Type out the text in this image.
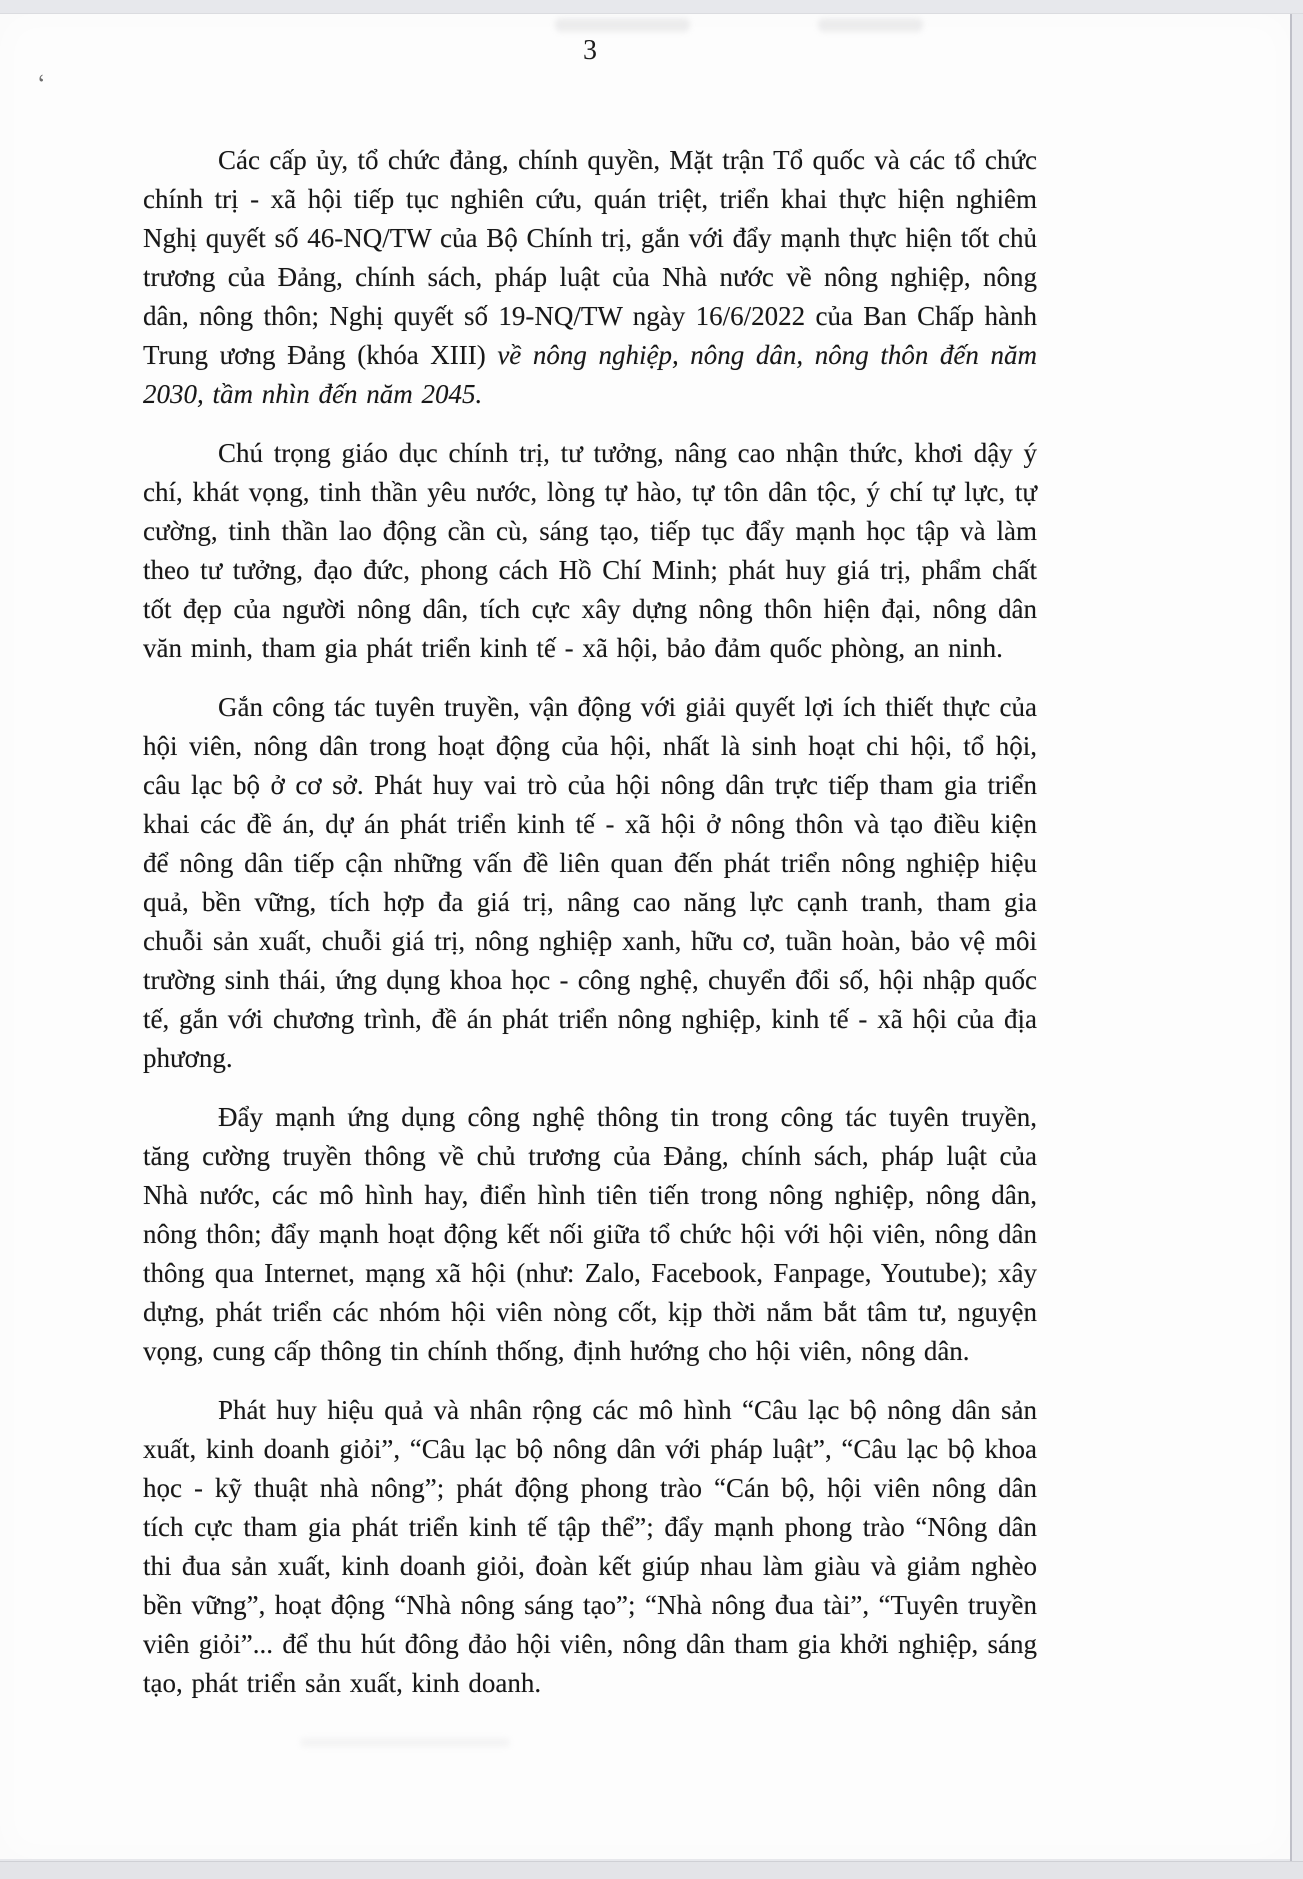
3
‘

Các cấp ủy, tổ chức đảng, chính quyền, Mặt trận Tổ quốc và các tổ chức chính trị - xã hội tiếp tục nghiên cứu, quán triệt, triển khai thực hiện nghiêm Nghị quyết số 46-NQ/TW của Bộ Chính trị, gắn với đẩy mạnh thực hiện tốt chủ trương của Đảng, chính sách, pháp luật của Nhà nước về nông nghiệp, nông dân, nông thôn; Nghị quyết số 19-NQ/TW ngày 16/6/2022 của Ban Chấp hành Trung ương Đảng (khóa XIII) về nông nghiệp, nông dân, nông thôn đến năm 2030, tầm nhìn đến năm 2045.

Chú trọng giáo dục chính trị, tư tưởng, nâng cao nhận thức, khơi dậy ý chí, khát vọng, tinh thần yêu nước, lòng tự hào, tự tôn dân tộc, ý chí tự lực, tự cường, tinh thần lao động cần cù, sáng tạo, tiếp tục đẩy mạnh học tập và làm theo tư tưởng, đạo đức, phong cách Hồ Chí Minh; phát huy giá trị, phẩm chất tốt đẹp của người nông dân, tích cực xây dựng nông thôn hiện đại, nông dân văn minh, tham gia phát triển kinh tế - xã hội, bảo đảm quốc phòng, an ninh.

Gắn công tác tuyên truyền, vận động với giải quyết lợi ích thiết thực của hội viên, nông dân trong hoạt động của hội, nhất là sinh hoạt chi hội, tổ hội, câu lạc bộ ở cơ sở. Phát huy vai trò của hội nông dân trực tiếp tham gia triển khai các đề án, dự án phát triển kinh tế - xã hội ở nông thôn và tạo điều kiện để nông dân tiếp cận những vấn đề liên quan đến phát triển nông nghiệp hiệu quả, bền vững, tích hợp đa giá trị, nâng cao năng lực cạnh tranh, tham gia chuỗi sản xuất, chuỗi giá trị, nông nghiệp xanh, hữu cơ, tuần hoàn, bảo vệ môi trường sinh thái, ứng dụng khoa học - công nghệ, chuyển đổi số, hội nhập quốc tế, gắn với chương trình, đề án phát triển nông nghiệp, kinh tế - xã hội của địa phương.

Đẩy mạnh ứng dụng công nghệ thông tin trong công tác tuyên truyền, tăng cường truyền thông về chủ trương của Đảng, chính sách, pháp luật của Nhà nước, các mô hình hay, điển hình tiên tiến trong nông nghiệp, nông dân, nông thôn; đẩy mạnh hoạt động kết nối giữa tổ chức hội với hội viên, nông dân thông qua Internet, mạng xã hội (như: Zalo, Facebook, Fanpage, Youtube); xây dựng, phát triển các nhóm hội viên nòng cốt, kịp thời nắm bắt tâm tư, nguyện vọng, cung cấp thông tin chính thống, định hướng cho hội viên, nông dân.

Phát huy hiệu quả và nhân rộng các mô hình “Câu lạc bộ nông dân sản xuất, kinh doanh giỏi”, “Câu lạc bộ nông dân với pháp luật”, “Câu lạc bộ khoa học - kỹ thuật nhà nông”; phát động phong trào “Cán bộ, hội viên nông dân tích cực tham gia phát triển kinh tế tập thể”; đẩy mạnh phong trào “Nông dân thi đua sản xuất, kinh doanh giỏi, đoàn kết giúp nhau làm giàu và giảm nghèo bền vững”, hoạt động “Nhà nông sáng tạo”; “Nhà nông đua tài”, “Tuyên truyền viên giỏi”... để thu hút đông đảo hội viên, nông dân tham gia khởi nghiệp, sáng tạo, phát triển sản xuất, kinh doanh.
